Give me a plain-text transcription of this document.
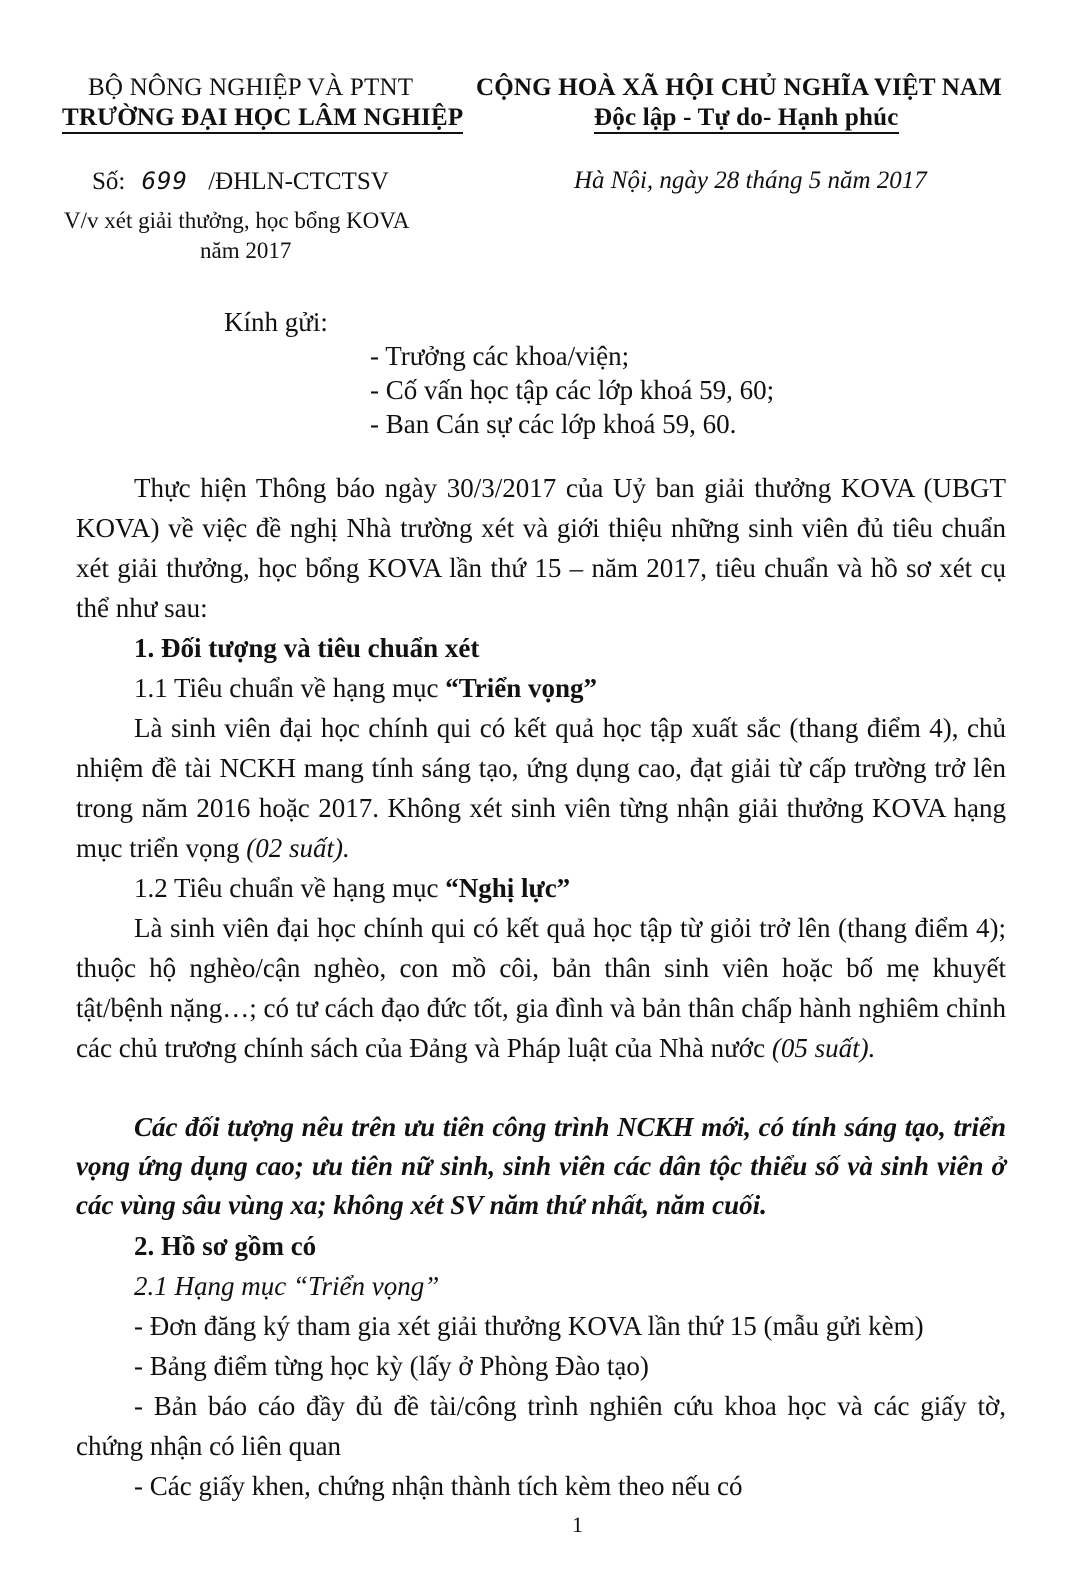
BỘ NÔNG NGHIỆP VÀ PTNT
TRƯỜNG ĐẠI HỌC LÂM NGHIỆP
CỘNG HOÀ XÃ HỘI CHỦ NGHĨA VIỆT NAM
Độc lập - Tự do- Hạnh phúc
Số: 699 /ĐHLN-CTCTSV	Hà Nội, ngày 28 tháng 5 năm 2017
V/v xét giải thưởng, học bổng KOVA
năm 2017
Kính gửi:
- Trưởng các khoa/viện;
- Cố vấn học tập các lớp khoá 59, 60;
- Ban Cán sự các lớp khoá 59, 60.
Thực hiện Thông báo ngày 30/3/2017 của Uỷ ban giải thưởng KOVA (UBGT KOVA) về việc đề nghị Nhà trường xét và giới thiệu những sinh viên đủ tiêu chuẩn xét giải thưởng, học bổng KOVA lần thứ 15 – năm 2017, tiêu chuẩn và hồ sơ xét cụ thể như sau:
1. Đối tượng và tiêu chuẩn xét
1.1 Tiêu chuẩn về hạng mục “Triển vọng”
Là sinh viên đại học chính qui có kết quả học tập xuất sắc (thang điểm 4), chủ nhiệm đề tài NCKH mang tính sáng tạo, ứng dụng cao, đạt giải từ cấp trường trở lên trong năm 2016 hoặc 2017. Không xét sinh viên từng nhận giải thưởng KOVA hạng mục triển vọng (02 suất).
1.2 Tiêu chuẩn về hạng mục “Nghị lực”
Là sinh viên đại học chính qui có kết quả học tập từ giỏi trở lên (thang điểm 4); thuộc hộ nghèo/cận nghèo, con mồ côi, bản thân sinh viên hoặc bố mẹ khuyết tật/bệnh nặng…; có tư cách đạo đức tốt, gia đình và bản thân chấp hành nghiêm chỉnh các chủ trương chính sách của Đảng và Pháp luật của Nhà nước (05 suất).
Các đối tượng nêu trên ưu tiên công trình NCKH mới, có tính sáng tạo, triển vọng ứng dụng cao; ưu tiên nữ sinh, sinh viên các dân tộc thiểu số và sinh viên ở các vùng sâu vùng xa; không xét SV năm thứ nhất, năm cuối.
2. Hồ sơ gồm có
2.1 Hạng mục “Triển vọng”
- Đơn đăng ký tham gia xét giải thưởng KOVA lần thứ 15 (mẫu gửi kèm)
- Bảng điểm từng học kỳ (lấy ở Phòng Đào tạo)
- Bản báo cáo đầy đủ đề tài/công trình nghiên cứu khoa học và các giấy tờ, chứng nhận có liên quan
- Các giấy khen, chứng nhận thành tích kèm theo nếu có
1
